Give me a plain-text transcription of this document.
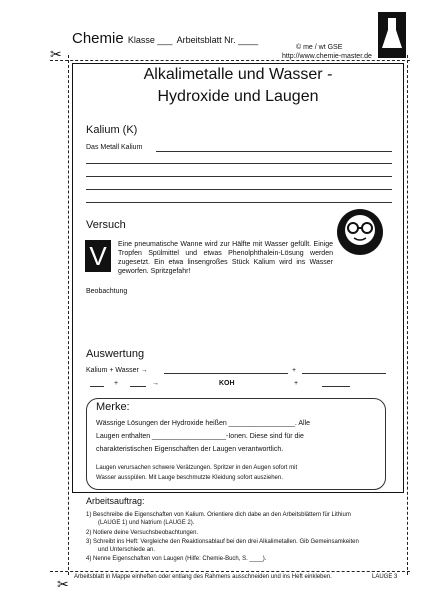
Chemie Klasse ___ Arbeitsblatt Nr. ____
© me / wt GSE
http://www.chemie-master.de
✂
✂
Alkalimetalle und Wasser -
Hydroxide und Laugen
Kalium (K)
Das Metall Kalium
Versuch
V	Eine pneumatische Wanne wird zur Hälfte mit Wasser gefüllt. Einige Tropfen Spülmittel und etwas Phenolphthalein-Lösung werden zugesetzt. Ein etwa linsengroßes Stück Kalium wird ins Wasser geworfen. Spritzgefahr!
Beobachtung
Auswertung
Kalium + Wasser →	+
+	→	KOH	+
Merke:
Wässrige Lösungen der Hydroxide heißen _________________. Alle
Laugen enthalten ___________________-Ionen. Diese sind für die
charakteristischen Eigenschaften der Laugen verantwortlich.
Laugen verursachen schwere Verätzungen. Spritzer in den Augen sofort mit
Wasser ausspülen. Mit Lauge beschmutzte Kleidung sofort ausziehen.
Arbeitsauftrag:
1) Beschreibe die Eigenschaften von Kalium. Orientiere dich dabe an den Arbeitsblättern für Lithium
(LAUGE 1) und Natrium (LAUGE 2).
2) Notiere deine Versuchsbeobachtungen.
3) Schreibt ins Heft: Vergleiche den Reaktionsablauf bei den drei Alkalimetallen. Gib Gemeinsamkeiten
und Unterschiede an.
4) Nenne Eigenschaften von Laugen (Hilfe: Chemie-Buch, S. ____).
Arbeitsblatt in Mappe einheften oder entlang des Rahmens ausschneiden und ins Heft einkleben.	LAUGE 3
